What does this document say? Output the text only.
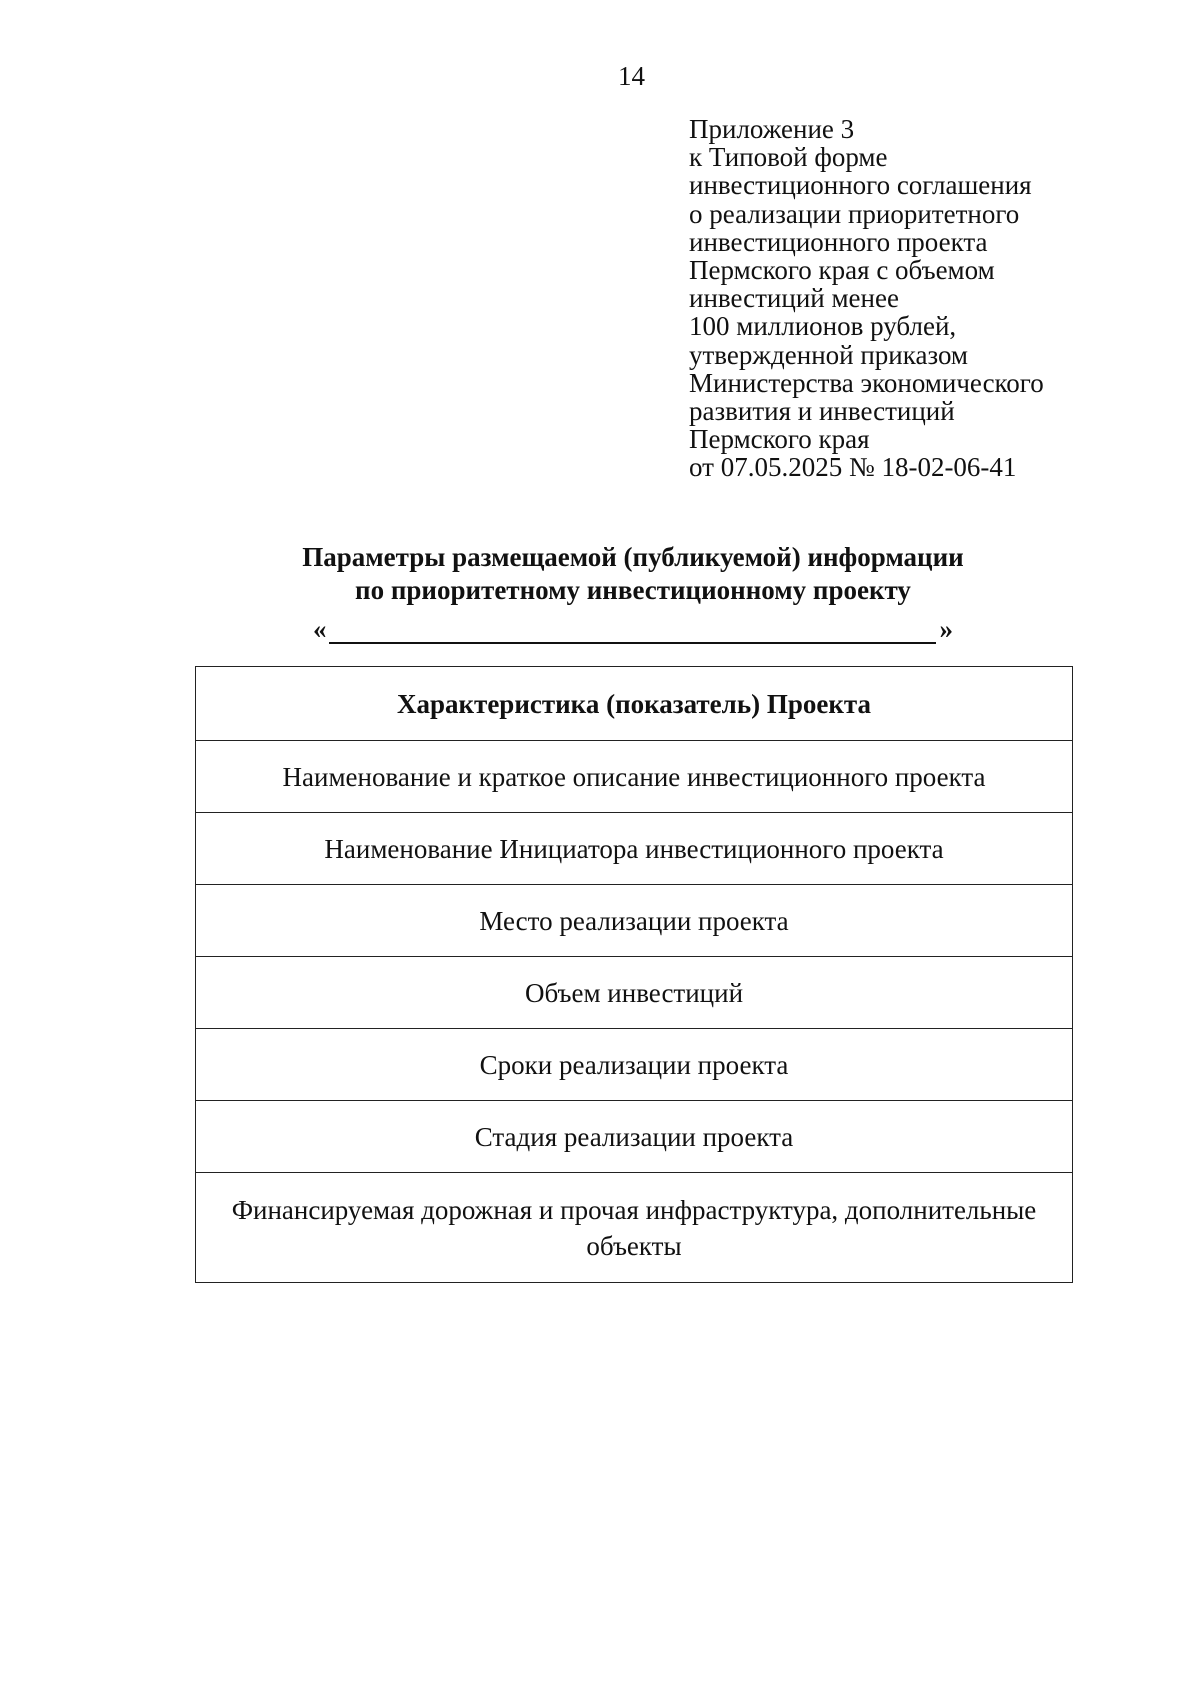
14
Приложение 3
к Типовой форме
инвестиционного соглашения
о реализации приоритетного
инвестиционного проекта
Пермского края с объемом
инвестиций менее
100 миллионов рублей,
утвержденной приказом
Министерства экономического
развития и инвестиций
Пермского края
от 07.05.2025 № 18-02-06-41
Параметры размещаемой (публикуемой) информации
по приоритетному инвестиционному проекту
«	»
Характеристика (показатель) Проекта
Наименование и краткое описание инвестиционного проекта
Наименование Инициатора инвестиционного проекта
Место реализации проекта
Объем инвестиций
Сроки реализации проекта
Стадия реализации проекта
Финансируемая дорожная и прочая инфраструктура, дополнительные объекты
